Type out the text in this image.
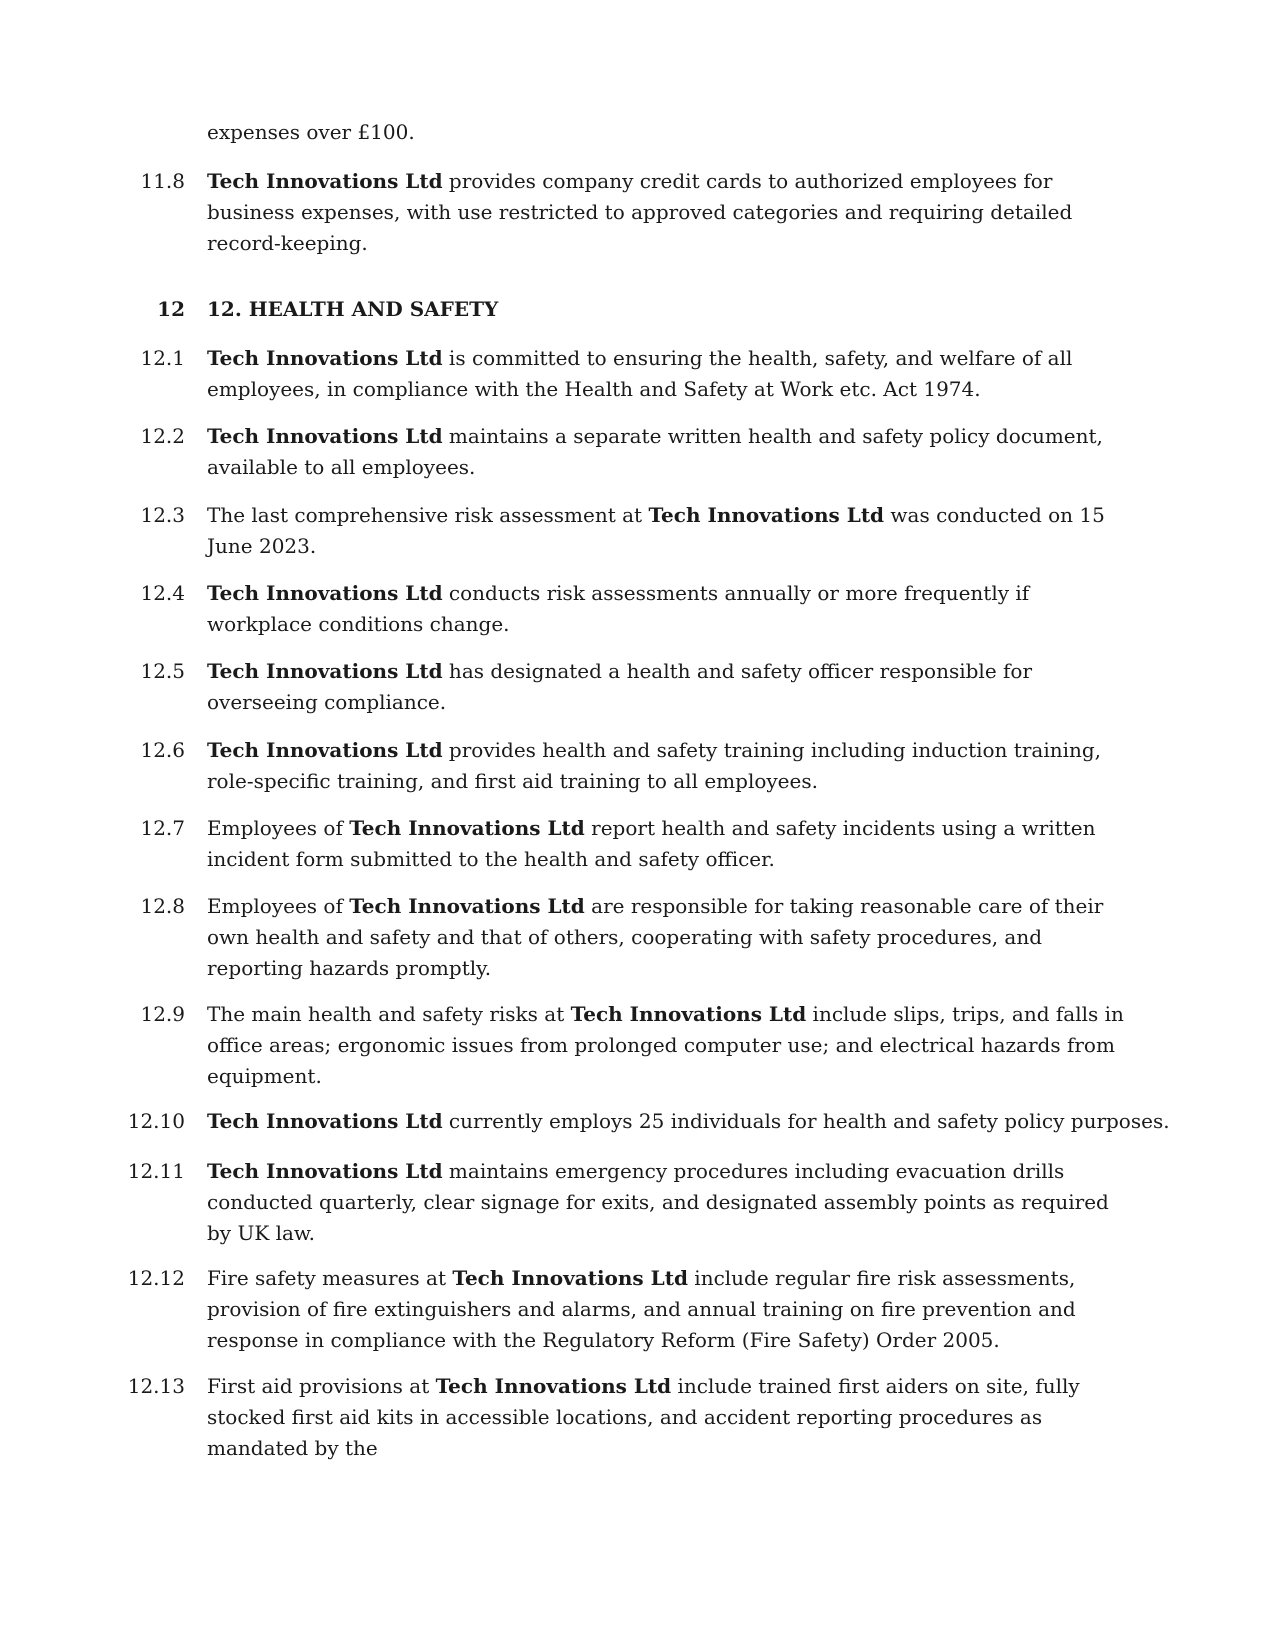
expenses over £100.
11.8 Tech Innovations Ltd provides company credit cards to authorized employees for business expenses, with use restricted to approved categories and requiring detailed record-keeping.
12 12. HEALTH AND SAFETY
12.1 Tech Innovations Ltd is committed to ensuring the health, safety, and welfare of all employees, in compliance with the Health and Safety at Work etc. Act 1974.
12.2 Tech Innovations Ltd maintains a separate written health and safety policy document, available to all employees.
12.3 The last comprehensive risk assessment at Tech Innovations Ltd was conducted on 15 June 2023.
12.4 Tech Innovations Ltd conducts risk assessments annually or more frequently if workplace conditions change.
12.5 Tech Innovations Ltd has designated a health and safety officer responsible for overseeing compliance.
12.6 Tech Innovations Ltd provides health and safety training including induction training, role-specific training, and first aid training to all employees.
12.7 Employees of Tech Innovations Ltd report health and safety incidents using a written incident form submitted to the health and safety officer.
12.8 Employees of Tech Innovations Ltd are responsible for taking reasonable care of their own health and safety and that of others, cooperating with safety procedures, and reporting hazards promptly.
12.9 The main health and safety risks at Tech Innovations Ltd include slips, trips, and falls in office areas; ergonomic issues from prolonged computer use; and electrical hazards from equipment.
12.10 Tech Innovations Ltd currently employs 25 individuals for health and safety policy purposes.
12.11 Tech Innovations Ltd maintains emergency procedures including evacuation drills conducted quarterly, clear signage for exits, and designated assembly points as required by UK law.
12.12 Fire safety measures at Tech Innovations Ltd include regular fire risk assessments, provision of fire extinguishers and alarms, and annual training on fire prevention and response in compliance with the Regulatory Reform (Fire Safety) Order 2005.
12.13 First aid provisions at Tech Innovations Ltd include trained first aiders on site, fully stocked first aid kits in accessible locations, and accident reporting procedures as mandated by the
